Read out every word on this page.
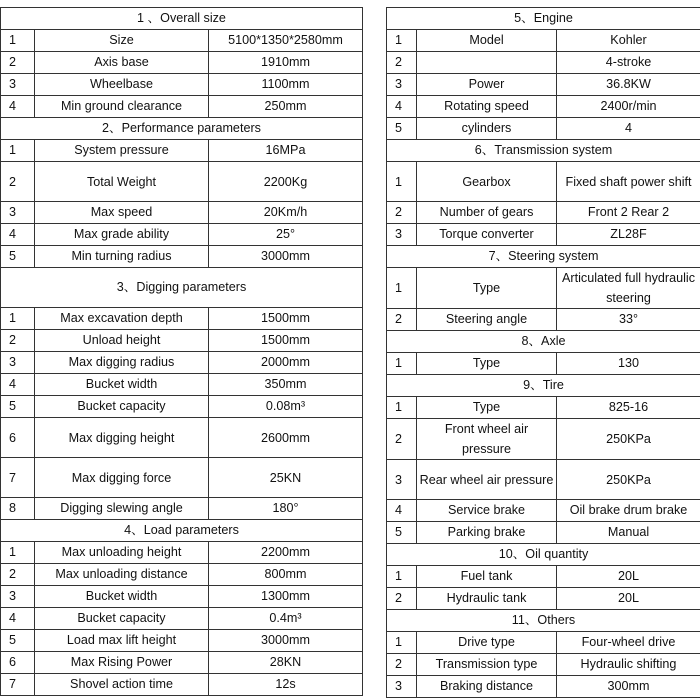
1 、Overall size		
1	Size	5100*1350*2580mm
2	Axis base	1910mm
3	Wheelbase	1100mm
4	Min ground clearance	250mm
2、Performance parameters		
1	System pressure	16MPa
2	Total Weight	2200Kg
3	Max speed	20Km/h
4	Max grade ability	25°
5	Min turning radius	3000mm
3、Digging parameters		
1	Max excavation depth	1500mm
2	Unload height	1500mm
3	Max digging radius	2000mm
4	Bucket width	350mm
5	Bucket capacity	0.08m³
6	Max digging height	2600mm
7	Max digging force	25KN
8	Digging slewing angle	180°
4、Load parameters		
1	Max unloading height	2200mm
2	Max unloading distance	800mm
3	Bucket width	1300mm
4	Bucket capacity	0.4m³
5	Load max lift height	3000mm
6	Max Rising Power	28KN
7	Shovel action time	12s
5、Engine		
1	Model	Kohler
2		4-stroke
3	Power	36.8KW
4	Rotating speed	2400r/min
5	cylinders	4
6、Transmission system		
1	Gearbox	Fixed shaft power shift
2	Number of gears	Front 2 Rear 2
3	Torque converter	ZL28F
7、Steering system		
1	Type	Articulated full hydraulic steering
2	Steering angle	33°
8、Axle		
1	Type	130
9、Tire		
1	Type	825-16
2	Front wheel air pressure	250KPa
3	Rear wheel air pressure	250KPa
4	Service brake	Oil brake drum brake
5	Parking brake	Manual
10、Oil quantity		
1	Fuel tank	20L
2	Hydraulic tank	20L
11、Others		
1	Drive type	Four-wheel drive
2	Transmission type	Hydraulic shifting
3	Braking distance	300mm
